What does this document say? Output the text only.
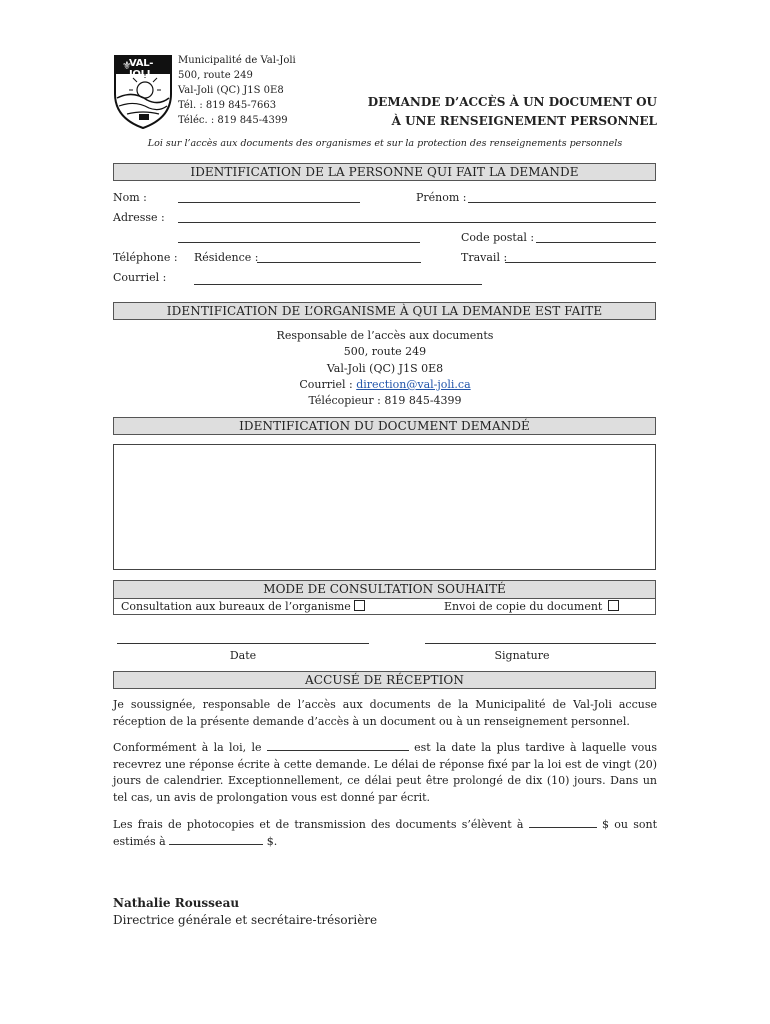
⚜
VAL-JOLI
Municipalité de Val-Joli
500, route 249
Val-Joli (QC) J1S 0E8
Tél. : 819 845-7663
Téléc. : 819 845-4399
DEMANDE D’ACCÈS À UN DOCUMENT OU
À UNE RENSEIGNEMENT PERSONNEL
Loi sur l’accès aux documents des organismes et sur la protection des renseignements personnels
IDENTIFICATION DE LA PERSONNE QUI FAIT LA DEMANDE
Nom :	Prénom :
Adresse :
Code postal :
Téléphone : Résidence :	Travail :
Courriel :
IDENTIFICATION DE L’ORGANISME À QUI LA DEMANDE EST FAITE
Responsable de l’accès aux documents
500, route 249
Val-Joli (QC) J1S 0E8
Courriel : direction@val-joli.ca
Télécopieur : 819 845-4399
IDENTIFICATION DU DOCUMENT DEMANDÉ
MODE DE CONSULTATION SOUHAITÉ
Consultation aux bureaux de l’organisme	Envoi de copie du document
Date	Signature
ACCUSÉ DE RÉCEPTION
Je soussignée, responsable de l’accès aux documents de la Municipalité de Val-Joli accuse réception de la présente demande d’accès à un document ou à un renseignement personnel.
Conformément à la loi, le	est la date la plus tardive à laquelle vous recevrez une réponse écrite à cette demande. Le délai de réponse fixé par la loi est de vingt (20) jours de calendrier. Exceptionnellement, ce délai peut être prolongé de dix (10) jours. Dans un tel cas, un avis de prolongation vous est donné par écrit.
Les frais de photocopies et de transmission des documents s’élèvent à	$ ou sont estimés à	$.
Nathalie Rousseau
Directrice générale et secrétaire-trésorière
